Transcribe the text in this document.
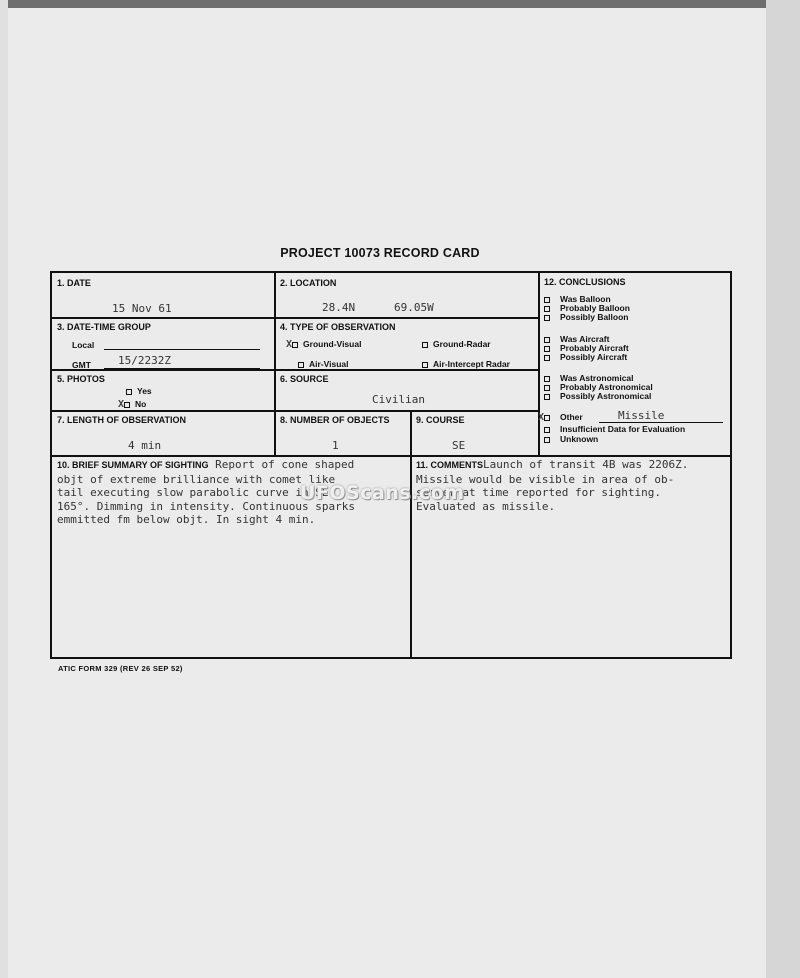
PROJECT 10073 RECORD CARD
1. DATE
15 Nov 61
2. LOCATION
28.4N	69.05W
3. DATE-TIME GROUP
Local
GMT 15/2232Z
4. TYPE OF OBSERVATION
X Ground-Visual	Ground-Radar
Air-Visual	Air-Intercept Radar
5. PHOTOS
Yes
X No
6. SOURCE
Civilian
7. LENGTH OF OBSERVATION
4 min
8. NUMBER OF OBJECTS
1
9. COURSE
SE
12. CONCLUSIONS
Was Balloon
Probably Balloon
Possibly Balloon
Was Aircraft
Probably Aircraft
Possibly Aircraft
Was Astronomical
Probably Astronomical
Possibly Astronomical
X Other	Missile
Insufficient Data for Evaluation
Unknown
10. BRIEF SUMMARY OF SIGHTING Report of cone shaped
objt of extreme brilliance with comet like
tail executing slow parabolic curve in SE
165°. Dimming in intensity. Continuous sparks
emmitted fm below objt. In sight 4 min.
11. COMMENTSLaunch of transit 4B was 2206Z.
Missile would be visible in area of ob-
server at time reported for sighting.
Evaluated as missile.
UFOScans.com
ATIC FORM 329 (REV 26 SEP 52)
